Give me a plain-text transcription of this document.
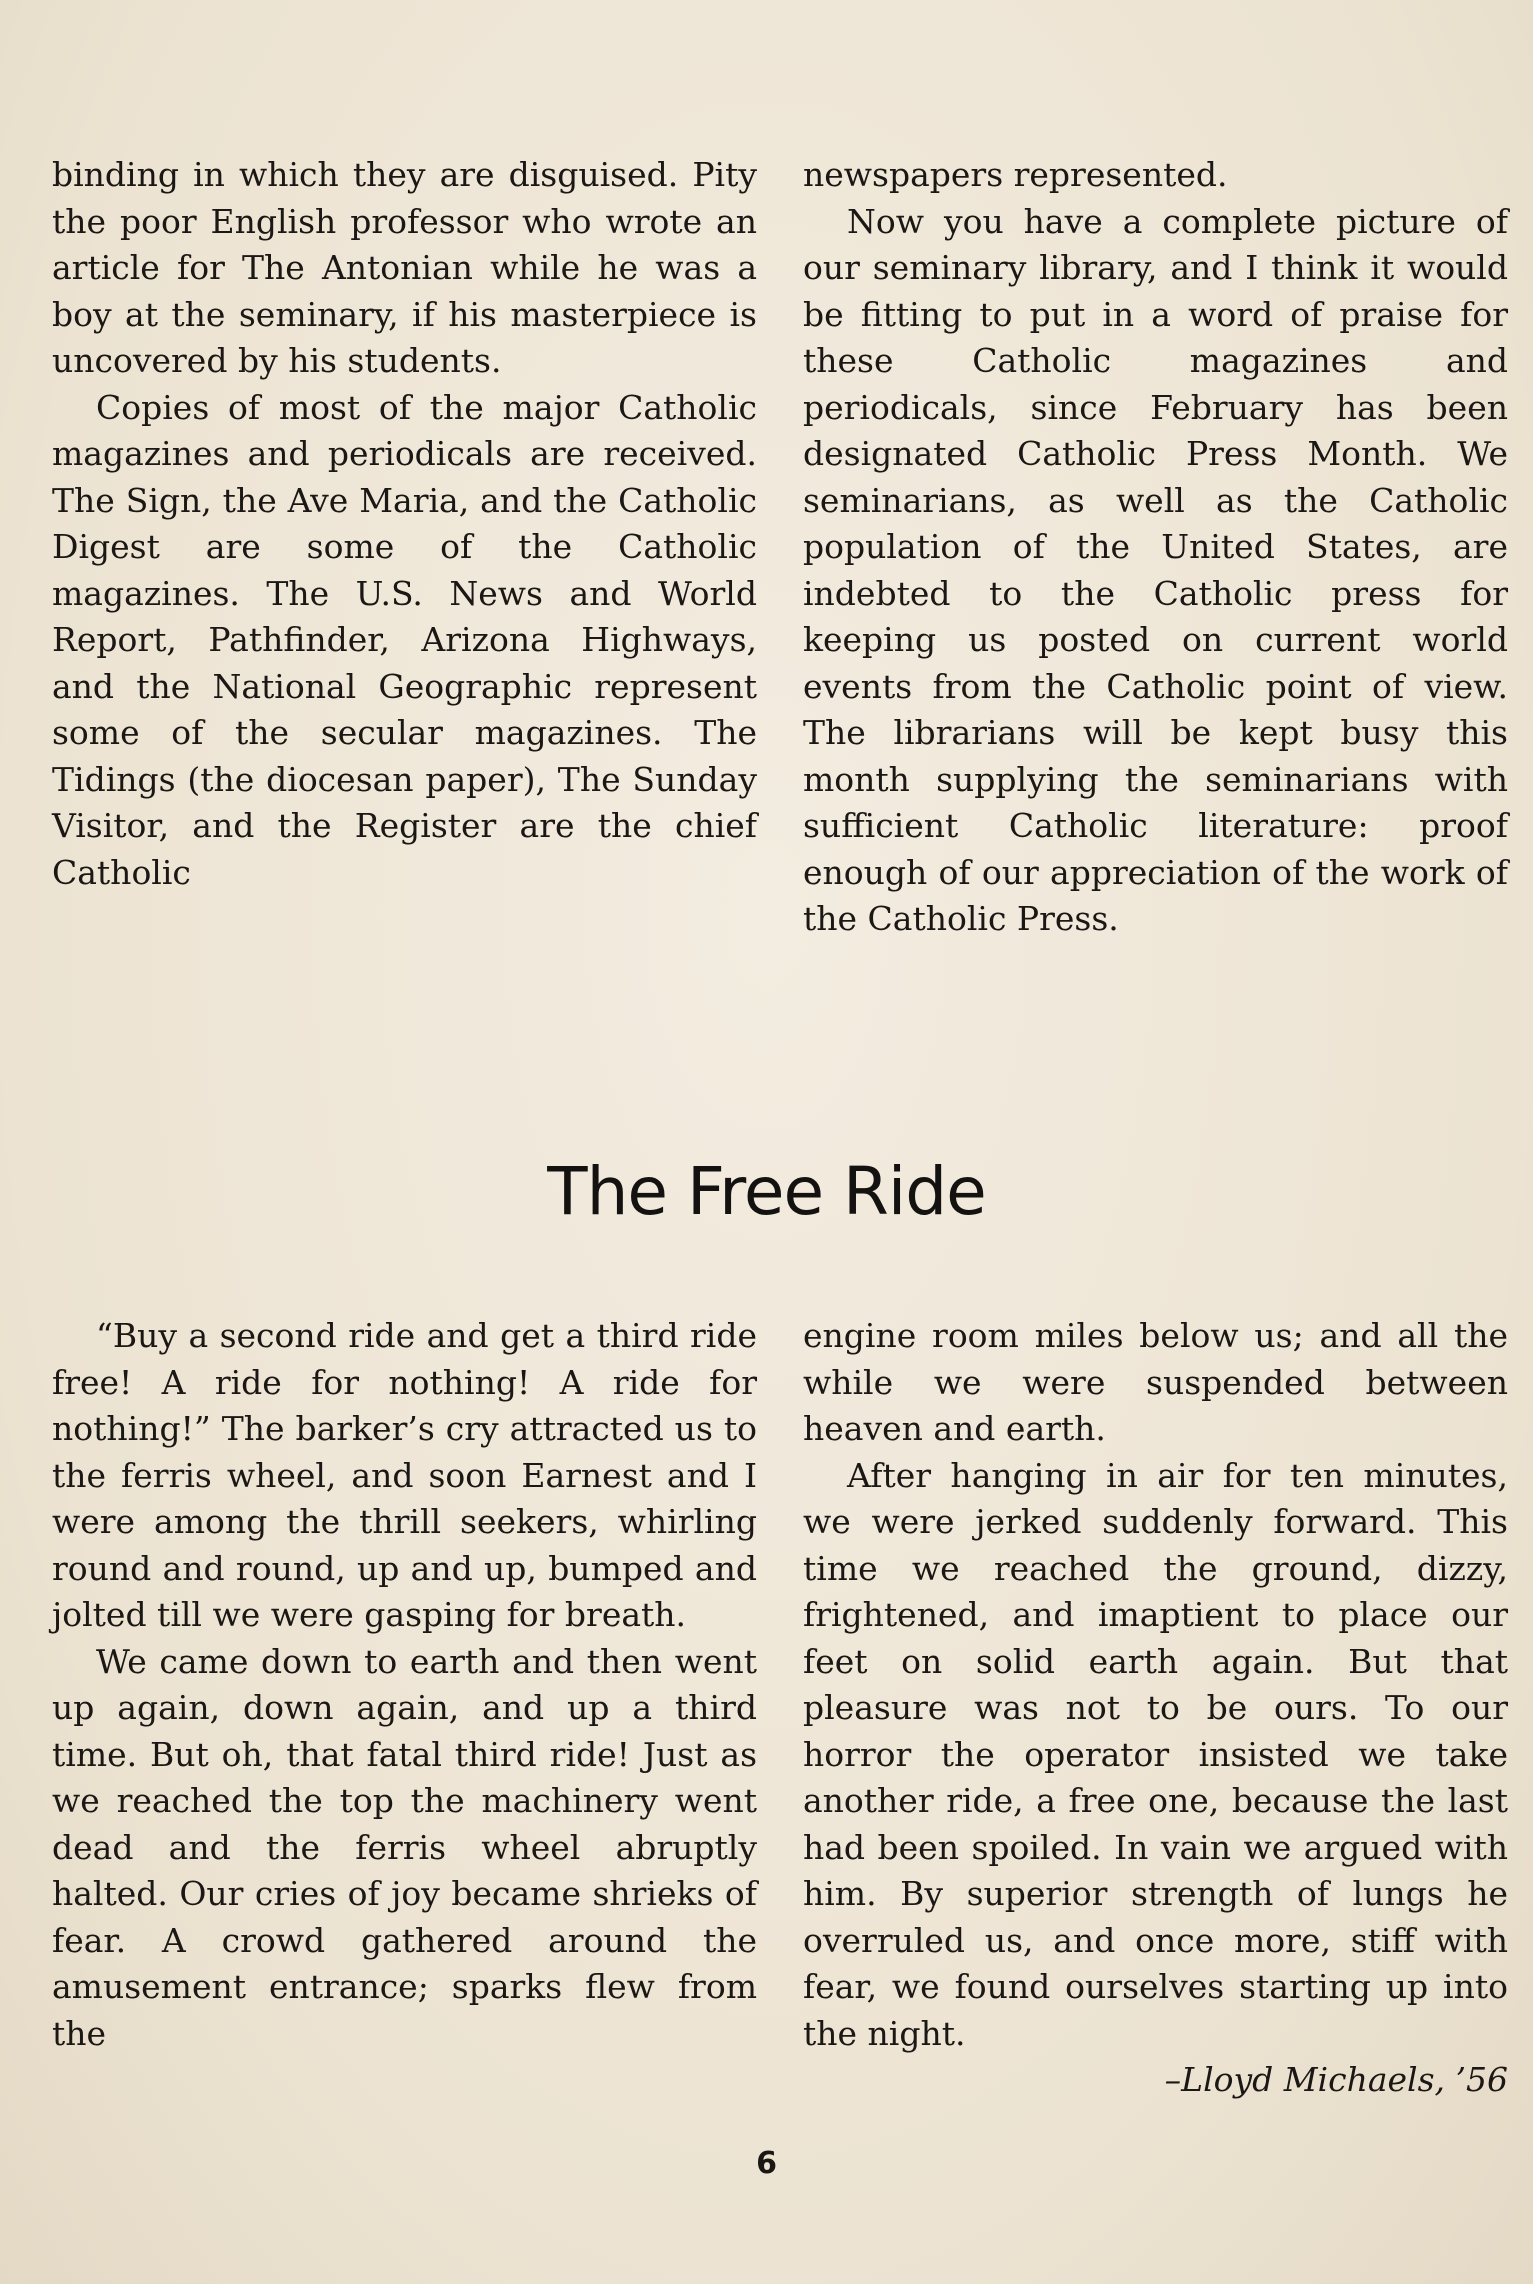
binding in which they are disguised. Pity the poor English professor who wrote an article for The Antonian while he was a boy at the seminary, if his masterpiece is uncovered by his students.

Copies of most of the major Catholic magazines and periodicals are received. The Sign, the Ave Maria, and the Catholic Digest are some of the Catholic magazines. The U.S. News and World Report, Pathfinder, Arizona Highways, and the National Geographic represent some of the secular magazines. The Tidings (the diocesan paper), The Sunday Visitor, and the Register are the chief Catholic

newspapers represented.

Now you have a complete picture of our seminary library, and I think it would be fitting to put in a word of praise for these Catholic magazines and periodicals, since February has been designated Catholic Press Month. We seminarians, as well as the Catholic population of the United States, are indebted to the Catholic press for keeping us posted on current world events from the Catholic point of view. The librarians will be kept busy this month supplying the seminarians with sufficient Catholic literature: proof enough of our appreciation of the work of the Catholic Press.

The Free Ride

“Buy a second ride and get a third ride free! A ride for nothing! A ride for nothing!” The barker’s cry attracted us to the ferris wheel, and soon Earnest and I were among the thrill seekers, whirling round and round, up and up, bumped and jolted till we were gasping for breath.

We came down to earth and then went up again, down again, and up a third time. But oh, that fatal third ride! Just as we reached the top the machinery went dead and the ferris wheel abruptly halted. Our cries of joy became shrieks of fear. A crowd gathered around the amusement entrance; sparks flew from the

engine room miles below us; and all the while we were suspended between heaven and earth.

After hanging in air for ten minutes, we were jerked suddenly forward. This time we reached the ground, dizzy, frightened, and imaptient to place our feet on solid earth again. But that pleasure was not to be ours. To our horror the operator insisted we take another ride, a free one, because the last had been spoiled. In vain we argued with him. By superior strength of lungs he overruled us, and once more, stiff with fear, we found ourselves starting up into the night.

–Lloyd Michaels, ’56

6
